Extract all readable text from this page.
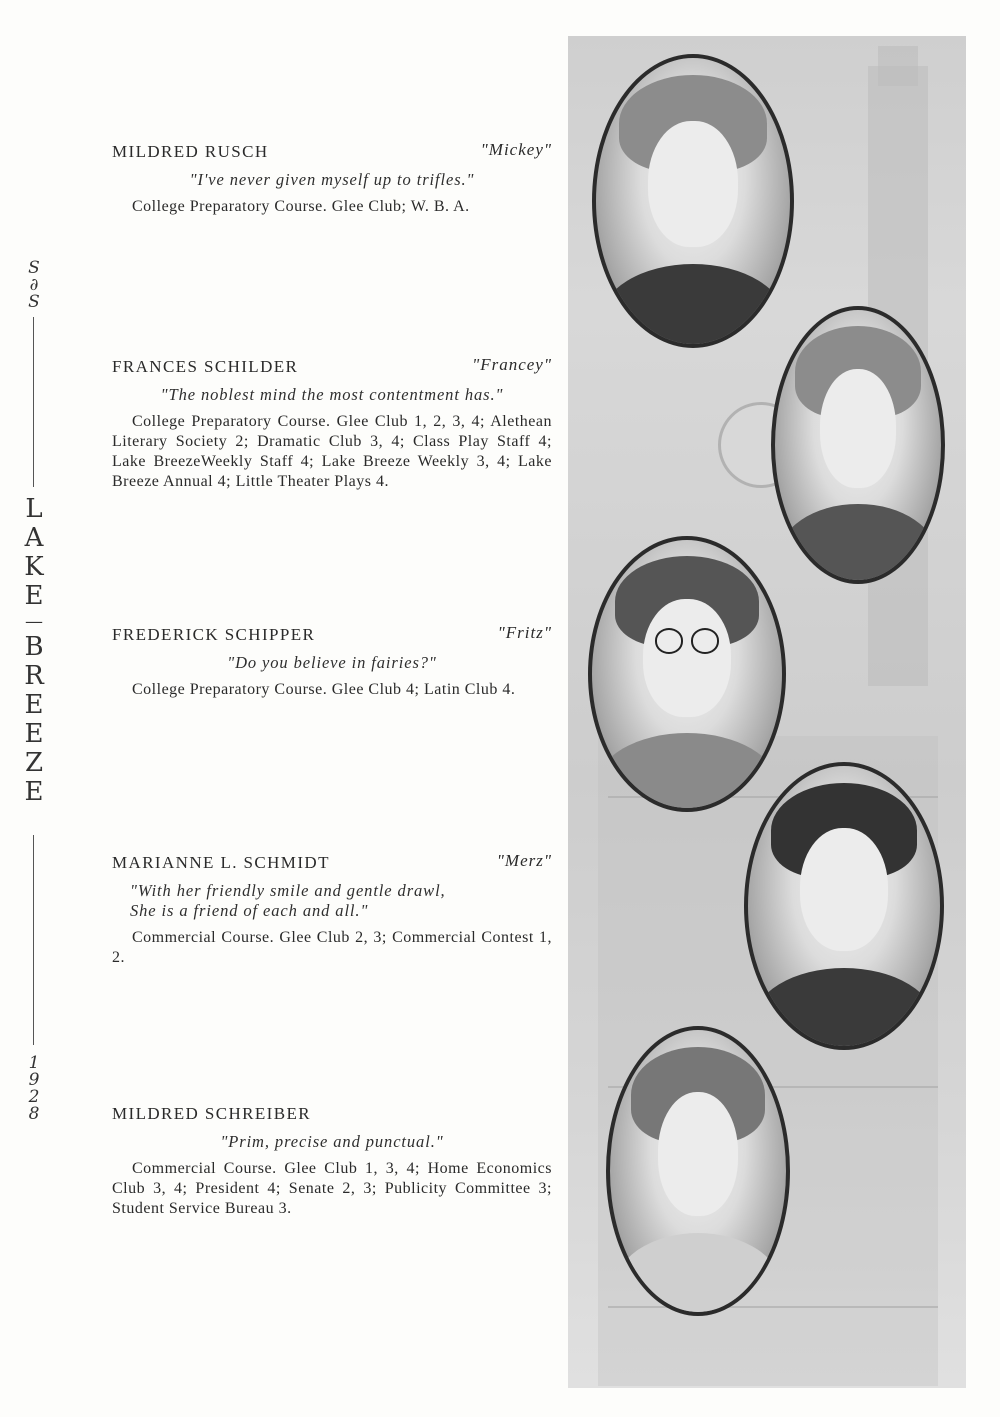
S
∂
S
L
A
K
E
—
B
R
E
E
Z
E
1
9
2
8
MILDRED RUSCH	"Mickey"
"I've never given myself up to trifles."
College Preparatory Course. Glee Club; W. B. A.
FRANCES SCHILDER	"Francey"
"The noblest mind the most contentment has."
College Preparatory Course. Glee Club 1, 2, 3, 4; Alethean Literary Society 2; Dramatic Club 3, 4; Class Play Staff 4; Lake BreezeWeekly Staff 4; Lake Breeze Weekly 3, 4; Lake Breeze Annual 4; Little Theater Plays 4.
FREDERICK SCHIPPER	"Fritz"
"Do you believe in fairies?"
College Preparatory Course. Glee Club 4; Latin Club 4.
MARIANNE L. SCHMIDT	"Merz"
"With her friendly smile and gentle drawl,
She is a friend of each and all."
Commercial Course. Glee Club 2, 3; Commercial Contest 1, 2.
MILDRED SCHREIBER
"Prim, precise and punctual."
Commercial Course. Glee Club 1, 3, 4; Home Economics Club 3, 4; President 4; Senate 2, 3; Publicity Committee 3; Student Service Bureau 3.
